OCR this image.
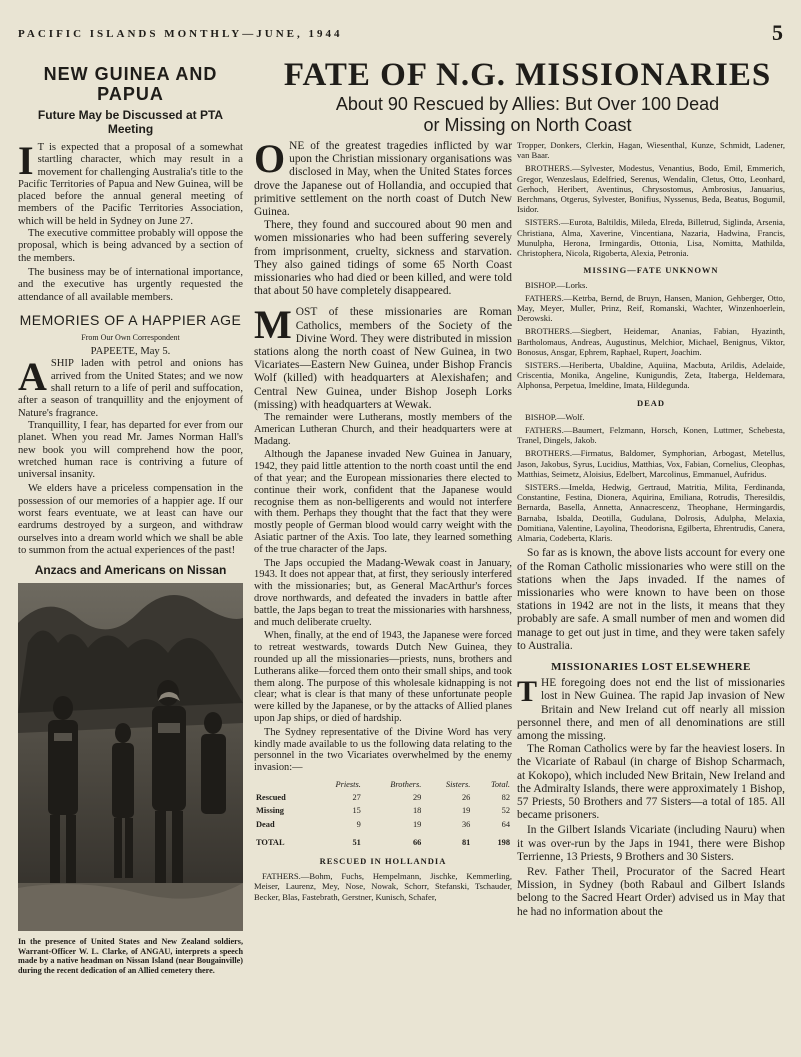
PACIFIC ISLANDS MONTHLY—JUNE, 1944	5
NEW GUINEA AND PAPUA
Future May be Discussed at PTA Meeting

I T is expected that a proposal of a somewhat startling character, which may result in a movement for challenging Australia's title to the Pacific Territories of Papua and New Guinea, will be placed before the annual general meeting of members of the Pacific Territories Association, which will be held in Sydney on June 27.

The executive committee probably will oppose the proposal, which is being advanced by a section of the members.

The business may be of international importance, and the executive has urgently requested the attendance of all available members.

MEMORIES OF A HAPPIER AGE
From Our Own Correspondent
PAPEETE, May 5.

ASHIP laden with petrol and onions has arrived from the United States; and we now shall return to a life of peril and suffocation, after a season of tranquillity and the enjoyment of Nature's fragrance.

Tranquillity, I fear, has departed for ever from our planet. When you read Mr. James Norman Hall's new book you will comprehend how the poor, wretched human race is contriving a future of universal insanity.

We elders have a priceless compensation in the possession of our memories of a happier age. If our worst fears eventuate, we at least can have our eardrums destroyed by a surgeon, and withdraw ourselves into a dream world which we shall be able to summon from the actual experiences of the past!

Anzacs and Americans on Nissan

In the presence of United States and New Zealand soldiers, Warrant-Officer W. L. Clarke, of ANGAU, interprets a speech made by a native headman on Nissan Island (near Bougainville) during the recent dedication of an Allied cemetery there.

FATE OF N.G. MISSIONARIES
About 90 Rescued by Allies: But Over 100 Dead
or Missing on North Coast

ONE of the greatest tragedies inflicted by war upon the Christian missionary organisations was disclosed in May, when the United States forces drove the Japanese out of Hollandia, and occupied that primitive settlement on the north coast of Dutch New Guinea.

There, they found and succoured about 90 men and women missionaries who had been suffering severely from imprisonment, cruelty, sickness and starvation. They also gained tidings of some 65 North Coast missionaries who had died or been killed, and were told that about 50 have completely disappeared.

MOST of these missionaries are Roman Catholics, members of the Society of the Divine Word. They were distributed in mission stations along the north coast of New Guinea, in two Vicariates—Eastern New Guinea, under Bishop Francis Wolf (killed) with headquarters at Alexishafen; and Central New Guinea, under Bishop Joseph Lorks (missing) with headquarters at Wewak.

The remainder were Lutherans, mostly members of the American Lutheran Church, and their headquarters were at Madang.

Although the Japanese invaded New Guinea in January, 1942, they paid little attention to the north coast until the end of that year; and the European missionaries there elected to continue their work, confident that the Japanese would recognise them as non-belligerents and would not interfere with them. Perhaps they thought that the fact that they were mostly people of German blood would carry weight with the Asiatic partner of the Axis. Too late, they learned something of the true character of the Japs.

The Japs occupied the Madang-Wewak coast in January, 1943. It does not appear that, at first, they seriously interfered with the missionaries; but, as General MacArthur's forces drove northwards, and defeated the invaders in battle after battle, the Japs began to treat the missionaries with harshness, and much deliberate cruelty.

When, finally, at the end of 1943, the Japanese were forced to retreat westwards, towards Dutch New Guinea, they rounded up all the missionaries—priests, nuns, brothers and Lutherans alike—forced them onto their small ships, and took them along. The purpose of this wholesale kidnapping is not clear; what is clear is that many of these unfortunate people were killed by the Japanese, or by the attacks of Allied planes upon Jap ships, or died of hardship.

The Sydney representative of the Divine Word has very kindly made available to us the following data relating to the personnel in the two Vicariates overwhelmed by the enemy invasion:—

	Priests.	Brothers.	Sisters.	Total.
Rescued	27	29	26	82
Missing	15	18	19	52
Dead	9	19	36	64
TOTAL	51	66	81	198
RESCUED IN HOLLANDIA

FATHERS.—Bohm, Fuchs, Hempelmann, Jischke, Kemmerling, Meiser, Laurenz, Mey, Nose, Nowak, Schorr, Stefanski, Tschauder, Becker, Blas, Fastebrath, Gerstner, Kunisch, Schafer,

Tropper, Donkers, Clerkin, Hagan, Wiesenthal, Kunze, Schmidt, Ladener, van Baar.

BROTHERS.—Sylvester, Modestus, Venantius, Bodo, Emil, Emmerich, Gregor, Wenzeslaus, Edelfried, Serenus, Wendalin, Cletus, Otto, Leonhard, Gerhoch, Heribert, Aventinus, Chrysostomus, Ambrosius, Januarius, Berchmans, Otgerus, Sylvester, Bonifius, Nyssenus, Beda, Beatus, Bogumil, Isidor.

SISTERS.—Eurota, Baltildis, Mileda, Elreda, Billetrud, Siglinda, Arsenia, Christiana, Alma, Xaverine, Vincentiana, Nazaria, Hadwina, Francis, Munulpha, Herona, Irmingardis, Ottonia, Lisa, Nomitta, Mathilda, Christophera, Nicola, Rigoberta, Alexia, Petronia.

MISSING—FATE UNKNOWN

BISHOP.—Lorks.

FATHERS.—Ketrba, Bernd, de Bruyn, Hansen, Manion, Gehberger, Otto, May, Meyer, Muller, Prinz, Reif, Romanski, Wachter, Winzenhoerlein, Derowski.

BROTHERS.—Siegbert, Heidemar, Ananias, Fabian, Hyazinth, Bartholomaus, Andreas, Augustinus, Melchior, Michael, Benignus, Viktor, Bonosus, Ansgar, Ephrem, Raphael, Rupert, Joachim.

SISTERS.—Heriberta, Ubaldine, Aquiina, Macbuta, Arildis, Adelaide, Criscentia, Monika, Angeline, Kunigundis, Zeta, Itaberga, Heldemara, Alphonsa, Perpetua, Imeldine, Imata, Hildegunda.

DEAD

BISHOP.—Wolf.

FATHERS.—Baumert, Felzmann, Horsch, Konen, Luttmer, Schebesta, Tranel, Dingels, Jakob.

BROTHERS.—Firmatus, Baldomer, Symphorian, Arbogast, Metellus, Jason, Jakobus, Syrus, Lucidius, Matthias, Vox, Fabian, Cornelius, Cleophas, Matthias, Seimetz, Aloisius, Edelbert, Marcolinus, Emmanuel, Aufridus.

SISTERS.—Imelda, Hedwig, Gertraud, Matritia, Milita, Ferdinanda, Constantine, Festina, Dionera, Aquirina, Emiliana, Rotrudis, Theresildis, Bernarda, Basella, Annetta, Annacrescenz, Theophane, Hermingardis, Barnaba, Isbalda, Deotilla, Gudulana, Dolrosis, Adulpha, Melaxia, Domitiana, Valentine, Layolina, Theodorisna, Egilberta, Ehrentrudis, Canera, Almaria, Codeberta, Klaris.

So far as is known, the above lists account for every one of the Roman Catholic missionaries who were still on the stations when the Japs invaded. If the names of missionaries who were known to have been on those stations in 1942 are not in the lists, it means that they probably are safe. A small number of men and women did manage to get out just in time, and they were taken safely to Australia.

MISSIONARIES LOST ELSEWHERE

THE foregoing does not end the list of missionaries lost in New Guinea. The rapid Jap invasion of New Britain and New Ireland cut off nearly all mission personnel there, and men of all denominations are still among the missing.

The Roman Catholics were by far the heaviest losers. In the Vicariate of Rabaul (in charge of Bishop Scharmach, at Kokopo), which included New Britain, New Ireland and the Admiralty Islands, there were approximately 1 Bishop, 57 Priests, 50 Brothers and 77 Sisters—a total of 185. All became prisoners.

In the Gilbert Islands Vicariate (including Nauru) when it was over-run by the Japs in 1941, there were Bishop Terrienne, 13 Priests, 9 Brothers and 30 Sisters.

Rev. Father Theil, Procurator of the Sacred Heart Mission, in Sydney (both Rabaul and Gilbert Islands belong to the Sacred Heart Order) advised us in May that he had no information about the
